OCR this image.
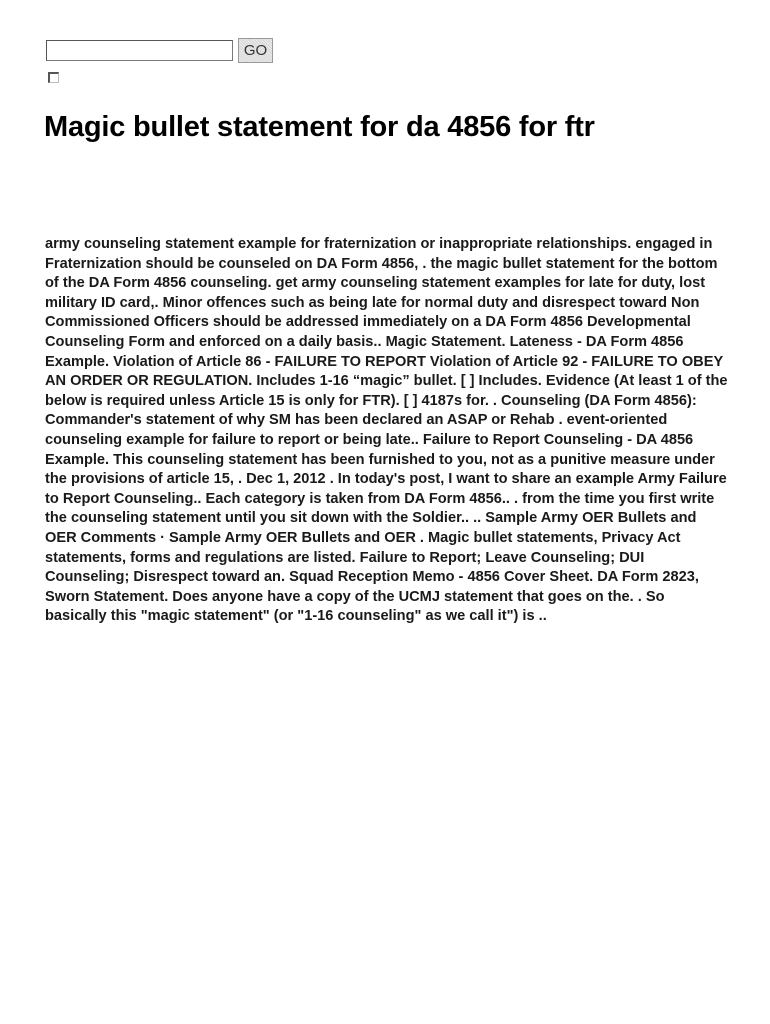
GO
Magic bullet statement for da 4856 for ftr

army counseling statement example for fraternization or inappropriate relationships. engaged in Fraternization should be counseled on DA Form 4856, . the magic bullet statement for the bottom of the DA Form 4856 counseling. get army counseling statement examples for late for duty, lost military ID card,. Minor offences such as being late for normal duty and disrespect toward Non Commissioned Officers should be addressed immediately on a DA Form 4856 Developmental Counseling Form and enforced on a daily basis.. Magic Statement. Lateness - DA Form 4856 Example. Violation of Article 86 - FAILURE TO REPORT Violation of Article 92 - FAILURE TO OBEY AN ORDER OR REGULATION. Includes 1-16 “magic” bullet. [ ] Includes. Evidence (At least 1 of the below is required unless Article 15 is only for FTR). [ ] 4187s for. . Counseling (DA Form 4856): Commander's statement of why SM has been declared an ASAP or Rehab . event-oriented counseling example for failure to report or being late.. Failure to Report Counseling - DA 4856 Example. This counseling statement has been furnished to you, not as a punitive measure under the provisions of article 15, . Dec 1, 2012 . In today's post, I want to share an example Army Failure to Report Counseling.. Each category is taken from DA Form 4856.. . from the time you first write the counseling statement until you sit down with the Soldier.. .. Sample Army OER Bullets and OER Comments · Sample Army OER Bullets and OER . Magic bullet statements, Privacy Act statements, forms and regulations are listed. Failure to Report; Leave Counseling; DUI Counseling; Disrespect toward an. Squad Reception Memo - 4856 Cover Sheet. DA Form 2823, Sworn Statement. Does anyone have a copy of the UCMJ statement that goes on the. . So basically this "magic statement" (or "1-16 counseling" as we call it") is ..
